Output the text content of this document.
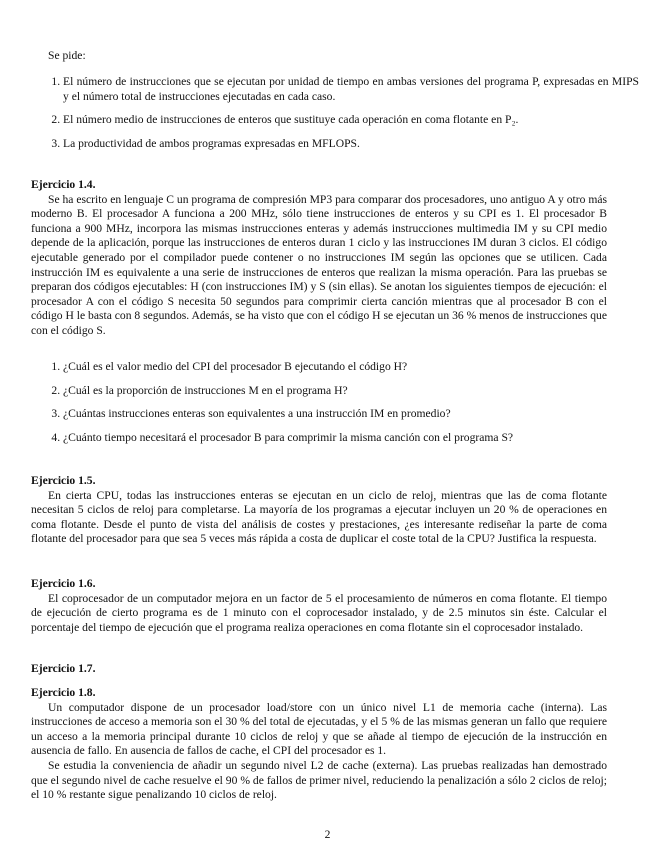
Se pide:
1. El número de instrucciones que se ejecutan por unidad de tiempo en ambas versiones del programa P, expresadas en MIPS y el número total de instrucciones ejecutadas en cada caso.
2. El número medio de instrucciones de enteros que sustituye cada operación en coma flotante en P₂.
3. La productividad de ambos programas expresadas en MFLOPS.
Ejercicio 1.4.

Se ha escrito en lenguaje C un programa de compresión MP3 para comparar dos procesadores, uno antiguo A y otro más moderno B. El procesador A funciona a 200 MHz, sólo tiene instrucciones de enteros y su CPI es 1. El procesador B funciona a 900 MHz, incorpora las mismas instrucciones enteras y además instrucciones multimedia IM y su CPI medio depende de la aplicación, porque las instrucciones de enteros duran 1 ciclo y las instrucciones IM duran 3 ciclos. El código ejecutable generado por el compilador puede contener o no instrucciones IM según las opciones que se utilicen. Cada instrucción IM es equivalente a una serie de instrucciones de enteros que realizan la misma operación. Para las pruebas se preparan dos códigos ejecutables: H (con instrucciones IM) y S (sin ellas). Se anotan los siguientes tiempos de ejecución: el procesador A con el código S necesita 50 segundos para comprimir cierta canción mientras que al procesador B con el código H le basta con 8 segundos. Además, se ha visto que con el código H se ejecutan un 36 % menos de instrucciones que con el código S.

1. ¿Cuál es el valor medio del CPI del procesador B ejecutando el código H?
2. ¿Cuál es la proporción de instrucciones M en el programa H?
3. ¿Cuántas instrucciones enteras son equivalentes a una instrucción IM en promedio?
4. ¿Cuánto tiempo necesitará el procesador B para comprimir la misma canción con el programa S?
Ejercicio 1.5.

En cierta CPU, todas las instrucciones enteras se ejecutan en un ciclo de reloj, mientras que las de coma flotante necesitan 5 ciclos de reloj para completarse. La mayoría de los programas a ejecutar incluyen un 20 % de operaciones en coma flotante. Desde el punto de vista del análisis de costes y prestaciones, ¿es interesante rediseñar la parte de coma flotante del procesador para que sea 5 veces más rápida a costa de duplicar el coste total de la CPU? Justifica la respuesta.

Ejercicio 1.6.

El coprocesador de un computador mejora en un factor de 5 el procesamiento de números en coma flotante. El tiempo de ejecución de cierto programa es de 1 minuto con el coprocesador instalado, y de 2.5 minutos sin éste. Calcular el porcentaje del tiempo de ejecución que el programa realiza operaciones en coma flotante sin el coprocesador instalado.

Ejercicio 1.7.
Ejercicio 1.8.

Un computador dispone de un procesador load/store con un único nivel L1 de memoria cache (interna). Las instrucciones de acceso a memoria son el 30 % del total de ejecutadas, y el 5 % de las mismas generan un fallo que requiere un acceso a la memoria principal durante 10 ciclos de reloj y que se añade al tiempo de ejecución de la instrucción en ausencia de fallo. En ausencia de fallos de cache, el CPI del procesador es 1.

Se estudia la conveniencia de añadir un segundo nivel L2 de cache (externa). Las pruebas realizadas han demostrado que el segundo nivel de cache resuelve el 90 % de fallos de primer nivel, reduciendo la penalización a sólo 2 ciclos de reloj; el 10 % restante sigue penalizando 10 ciclos de reloj.

2
